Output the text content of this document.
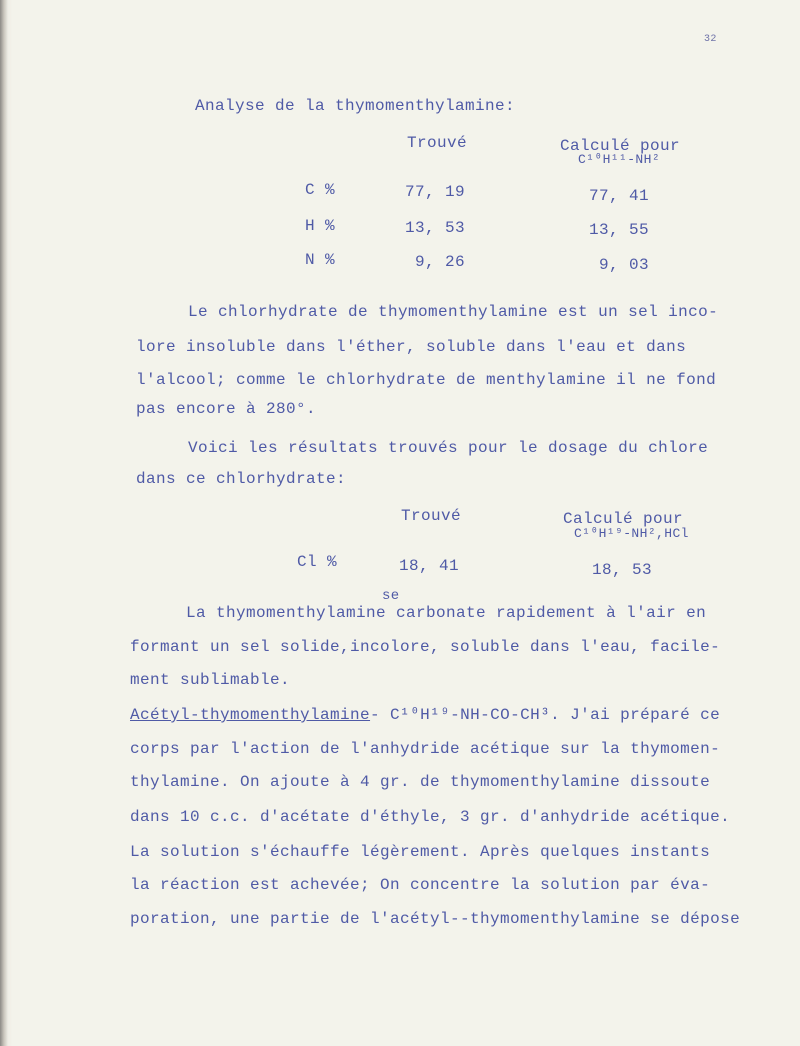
32
Analyse de la thymomenthylamine:
Trouvé	Calculé pour
C¹⁰H¹¹-NH²
C %	77, 19	77, 41
H %	13, 53	13, 55
N %	9, 26	9, 03
Le chlorhydrate de thymomenthylamine est un sel inco-
lore insoluble dans l'éther, soluble dans l'eau et dans
l'alcool; comme le chlorhydrate de menthylamine il ne fond
pas encore à 280°.
Voici les résultats trouvés pour le dosage du chlore
dans ce chlorhydrate:
Trouvé	Calculé pour
C¹⁰H¹⁹-NH²,HCl
Cl %	18, 41	18, 53
se
La thymomenthylamine carbonate rapidement à l'air en
formant un sel solide,incolore, soluble dans l'eau, facile-
ment sublimable.
Acétyl-thymomenthylamine- C¹⁰H¹⁹-NH-CO-CH³. J'ai préparé ce
corps par l'action de l'anhydride acétique sur la thymomen-
thylamine. On ajoute à 4 gr. de thymomenthylamine dissoute
dans 10 c.c. d'acétate d'éthyle, 3 gr. d'anhydride acétique.
La solution s'échauffe légèrement. Après quelques instants
la réaction est achevée; On concentre la solution par éva-
poration, une partie de l'acétyl--thymomenthylamine se dépose
